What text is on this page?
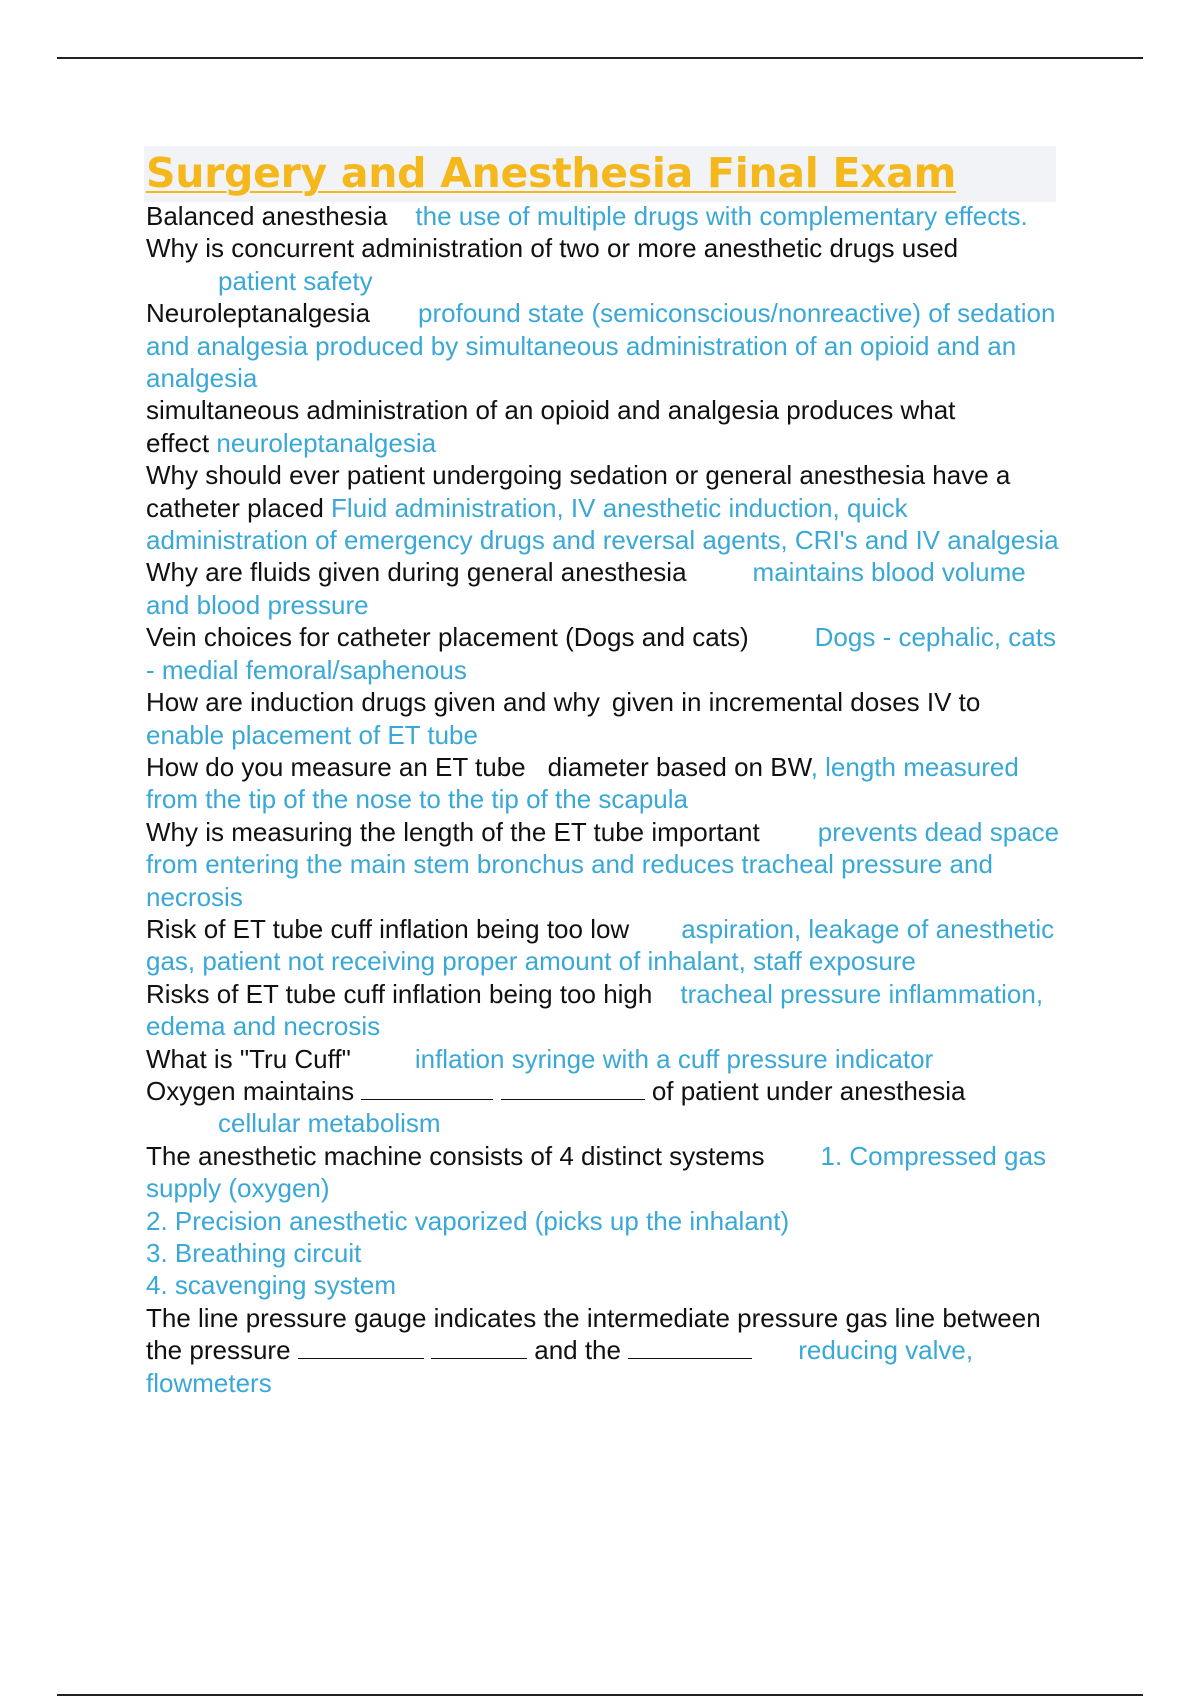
Surgery and Anesthesia Final Exam

Balanced anesthesia the use of multiple drugs with complementary effects.

Why is concurrent administration of two or more anesthetic drugs used
patient safety

Neuroleptanalgesia profound state (semiconscious/nonreactive) of sedation and analgesia produced by simultaneous administration of an opioid and an analgesia

simultaneous administration of an opioid and analgesia produces what effect neuroleptanalgesia

Why should ever patient undergoing sedation or general anesthesia have a catheter placed Fluid administration, IV anesthetic induction, quick administration of emergency drugs and reversal agents, CRI's and IV analgesia

Why are fluids given during general anesthesia	maintains blood volume and blood pressure

Vein choices for catheter placement (Dogs and cats)	Dogs - cephalic, cats - medial femoral/saphenous

How are induction drugs given and why given in incremental doses IV to enable placement of ET tube

How do you measure an ET tube diameter based on BW, length measured from the tip of the nose to the tip of the scapula

Why is measuring the length of the ET tube important prevents dead space from entering the main stem bronchus and reduces tracheal pressure and necrosis

Risk of ET tube cuff inflation being too low aspiration, leakage of anesthetic gas, patient not receiving proper amount of inhalant, staff exposure

Risks of ET tube cuff inflation being too high tracheal pressure inflammation, edema and necrosis

What is "Tru Cuff" inflation syringe with a cuff pressure indicator

Oxygen maintains	of patient under anesthesia
cellular metabolism

The anesthetic machine consists of 4 distinct systems 1. Compressed gas supply (oxygen)
2. Precision anesthetic vaporized (picks up the inhalant)
3. Breathing circuit
4. scavenging system

The line pressure gauge indicates the intermediate pressure gas line between the pressure	and the	reducing valve, flowmeters
